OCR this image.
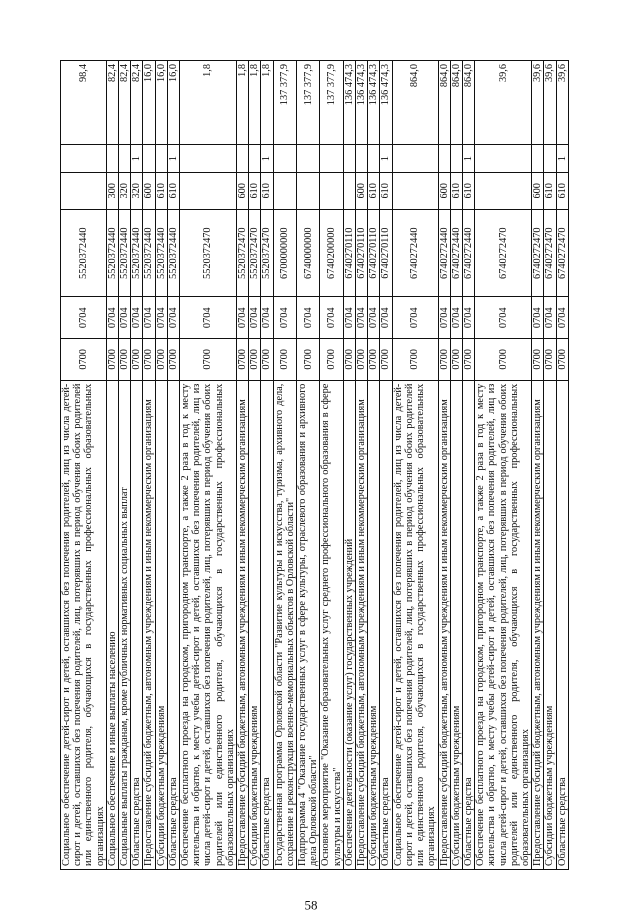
58
Социальное обеспечение детей-сирот и детей, оставшихся без попечения родителей, лиц из числа детей-сирот и детей, оставшихся без попечения родителей, лиц, потерявших в период обучения обоих родителей или единственного родителя, обучающихся в государственных профессиональных образовательных организациях	0700	0704	5520372440			98,4
Социальное обеспечение и иные выплаты населению	0700	0704	5520372440	300		82,4
Социальные выплаты гражданам, кроме публичных нормативных социальных выплат	0700	0704	5520372440	320		82,4
Областные средства	0700	0704	5520372440	320	1	82,4
Предоставление субсидий бюджетным, автономным учреждениям и иным некоммерческим организациям	0700	0704	5520372440	600		16,0
Субсидии бюджетным учреждениям	0700	0704	5520372440	610		16,0
Областные средства	0700	0704	5520372440	610	1	16,0
Обеспечение бесплатного проезда на городском, пригородном транспорте, а также 2 раза в год к месту жительства и обратно, к месту учебы детей-сирот и детей, оставшихся без попечения родителей, лиц из числа детей-сирот и детей, оставшихся без попечения родителей, лиц, потерявших в период обучения обоих родителей или единственного родителя, обучающихся в государственных профессиональных образовательных организациях	0700	0704	5520372470			1,8
Предоставление субсидий бюджетным, автономным учреждениям и иным некоммерческим организациям	0700	0704	5520372470	600		1,8
Субсидии бюджетным учреждениям	0700	0704	5520372470	610		1,8
Областные средства	0700	0704	5520372470	610	1	1,8
Государственная программа Орловской области "Развитие культуры и искусства, туризма, архивного дела, сохранение и реконструкция военно-мемориальных объектов в Орловской области"	0700	0704	6700000000			137 377,9
Подпрограмма 4 "Оказание государственных услуг в сфере культуры, отраслевого образования и архивного дела Орловской области"	0700	0704	6740000000			137 377,9
Основное мероприятие "Оказание образовательных услуг среднего профессионального образования в сфере культуры и искусства"	0700	0704	6740200000			137 377,9
Обеспечение деятельности (оказание услуг) государственных учреждений	0700	0704	6740270110			136 474,3
Предоставление субсидий бюджетным, автономным учреждениям и иным некоммерческим организациям	0700	0704	6740270110	600		136 474,3
Субсидии бюджетным учреждениям	0700	0704	6740270110	610		136 474,3
Областные средства	0700	0704	6740270110	610	1	136 474,3
Социальное обеспечение детей-сирот и детей, оставшихся без попечения родителей, лиц из числа детей-сирот и детей, оставшихся без попечения родителей, лиц, потерявших в период обучения обоих родителей или единственного родителя, обучающихся в государственных профессиональных образовательных организациях	0700	0704	6740272440			864,0
Предоставление субсидий бюджетным, автономным учреждениям и иным некоммерческим организациям	0700	0704	6740272440	600		864,0
Субсидии бюджетным учреждениям	0700	0704	6740272440	610		864,0
Областные средства	0700	0704	6740272440	610	1	864,0
Обеспечение бесплатного проезда на городском, пригородном транспорте, а также 2 раза в год к месту жительства и обратно, к месту учебы детей-сирот и детей, оставшихся без попечения родителей, лиц из числа детей-сирот и детей, оставшихся без попечения родителей, лиц, потерявших в период обучения обоих родителей или единственного родителя, обучающихся в государственных профессиональных образовательных организациях	0700	0704	6740272470			39,6
Предоставление субсидий бюджетным, автономным учреждениям и иным некоммерческим организациям	0700	0704	6740272470	600		39,6
Субсидии бюджетным учреждениям	0700	0704	6740272470	610		39,6
Областные средства	0700	0704	6740272470	610	1	39,6
